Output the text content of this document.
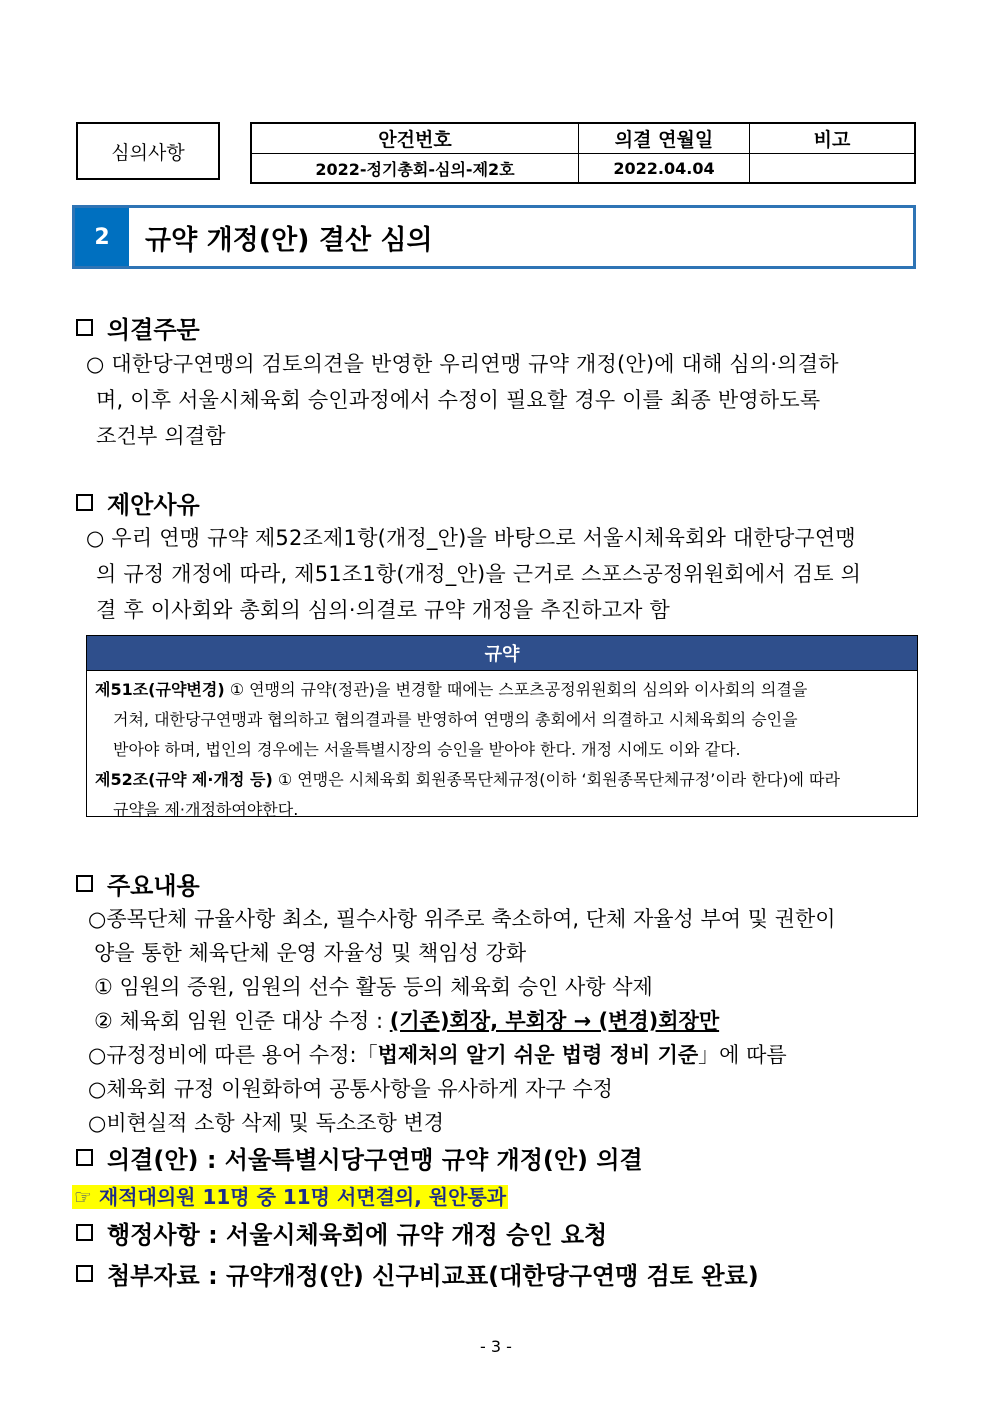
심의사항
안건번호	의결 연월일	비고
2022-정기총회-심의-제2호	2022.04.04	
2	규약 개정(안) 결산 심의
의결주문
○ 대한당구연맹의 검토의견을 반영한 우리연맹 규약 개정(안)에 대해 심의·의결하
며, 이후 서울시체육회 승인과정에서 수정이 필요할 경우 이를 최종 반영하도록
조건부 의결함
제안사유
○ 우리 연맹 규약 제52조제1항(개정_안)을 바탕으로 서울시체육회와 대한당구연맹
의 규정 개정에 따라, 제51조1항(개정_안)을 근거로 스포스공정위원회에서 검토 의
결 후 이사회와 총회의 심의·의결로 규약 개정을 추진하고자 함
규약
제51조(규약변경) ① 연맹의 규약(정관)을 변경할 때에는 스포츠공정위원회의 심의와 이사회의 의결을
거쳐, 대한당구연맹과 협의하고 협의결과를 반영하여 연맹의 총회에서 의결하고 시체육회의 승인을
받아야 하며, 법인의 경우에는 서울특별시장의 승인을 받아야 한다. 개정 시에도 이와 같다.
제52조(규약 제·개정 등) ① 연맹은 시체육회 회원종목단체규정(이하 ‘회원종목단체규정’이라 한다)에 따라
규약을 제·개정하여야한다.
주요내용
○종목단체 규율사항 최소, 필수사항 위주로 축소하여, 단체 자율성 부여 및 권한이
양을 통한 체육단체 운영 자율성 및 책임성 강화
① 임원의 증원, 임원의 선수 활동 등의 체육회 승인 사항 삭제
② 체육회 임원 인준 대상 수정 : (기존)회장, 부회장 → (변경)회장만
○규정정비에 따른 용어 수정:「법제처의 알기 쉬운 법령 정비 기준」에 따름
○체육회 규정 이원화하여 공통사항을 유사하게 자구 수정
○비현실적 소항 삭제 및 독소조항 변경
의결(안) : 서울특별시당구연맹 규약 개정(안) 의결
☞ 재적대의원 11명 중 11명 서면결의, 원안통과
행정사항 : 서울시체육회에 규약 개정 승인 요청
첨부자료 : 규약개정(안) 신구비교표(대한당구연맹 검토 완료)
- 3 -
